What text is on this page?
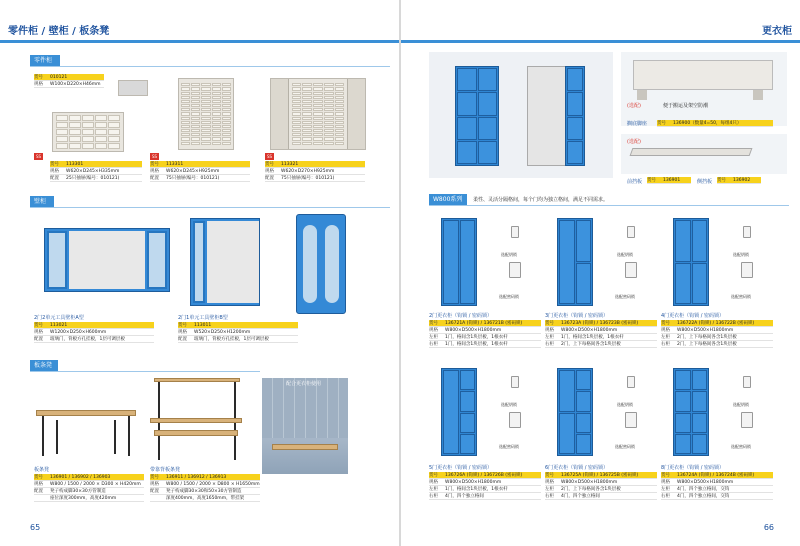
零件柜 / 壁柜 / 板条凳
零件柜
货号	010121
规格	W100×D220×H46mm
SS
货号	113301
规格	W620×D245×H335mm
配置	25只抽屉(编号：010121)
SS
货号	113311
规格	W620×D245×H925mm
配置	75只抽屉(编号：010121)
SS
货号	113321
规格	W620×D270×H925mm
配置	75只抽屉(编号：010121)
壁柜
2门2单元工具壁柜A型
货号	113021
规格	W1200×D250×H600mm
配置	玻璃门，背板方孔挂板，1层可调层板
2门1单元工具壁柜B型
货号	113011
规格	W520×D250×H1200mm
配置	玻璃门，背板方孔挂板，1层可调层板
板条凳
配合更衣柜使用
板条凳
货号	136901 / 136902 / 136903
规格	W800 / 1500 / 2000 × D300 × H420mm
配置	凳子构成脚30×30方管制造
座位深度300mm，高度420mm
带靠背板条凳
货号	136911 / 136912 / 136913
规格	W800 / 1500 / 2000 × D800 × H1650mm
配置	凳子构成脚30×30和50×30方管制造
深度400mm，高度1650mm，带挂架
65
更衣柜
(选配)	便于搬运及架空防潮
搁底脚座 货号	136900（数量4=50，每组4只）
(选配)
前挡板 货号	136901	侧挡板 货号	136902
W800系列	柔性、灵活分隔格间，每个门均为独立格间，满足不同需求。
选配钥锁
选配密码锁
选配钥锁
选配密码锁
选配钥锁
选配密码锁
2门更衣柜（钩锁 / 密码锁）
货号	136721A (钩锁) / 136721B (密码锁)
规格	W800×D500×H1800mm
左柜	1门，格间含1块层板，1根衣杆
右柜	1门，格间含1块层板，1根衣杆
3门更衣柜（钩锁 / 密码锁）
货号	136723A (钩锁) / 136723B (密码锁)
规格	W800×D500×H1800mm
左柜	1门，格间含1块层板，1根衣杆
右柜	2门，上下每格间各含1块层板
4门更衣柜（钩锁 / 密码锁）
货号	136722A (钩锁) / 136722B (密码锁)
规格	W800×D500×H1800mm
左柜	2门，上下每格间各含1块层板
右柜	2门，上下每格间各含1块层板
选配钥锁
选配密码锁
选配钥锁
选配密码锁
选配钥锁
选配密码锁
5门更衣柜（钩锁 / 密码锁）
货号	136726A (钩锁) / 136726B (密码锁)
规格	W800×D500×H1800mm
左柜	1门，格间含1块层板，1根衣杆
右柜	4门，四个独立格间
6门更衣柜（钩锁 / 密码锁）
货号	136725A (钩锁) / 136725B (密码锁)
规格	W800×D500×H1800mm
左柜	2门，上下每格间各含1块层板
右柜	4门，四个独立格间
8门更衣柜（钩锁 / 密码锁）
货号	136724A (钩锁) / 136724B (密码锁)
规格	W800×D500×H1800mm
左柜	4门，四个独立格间，交钩
右柜	4门，四个独立格间，交钩
66
